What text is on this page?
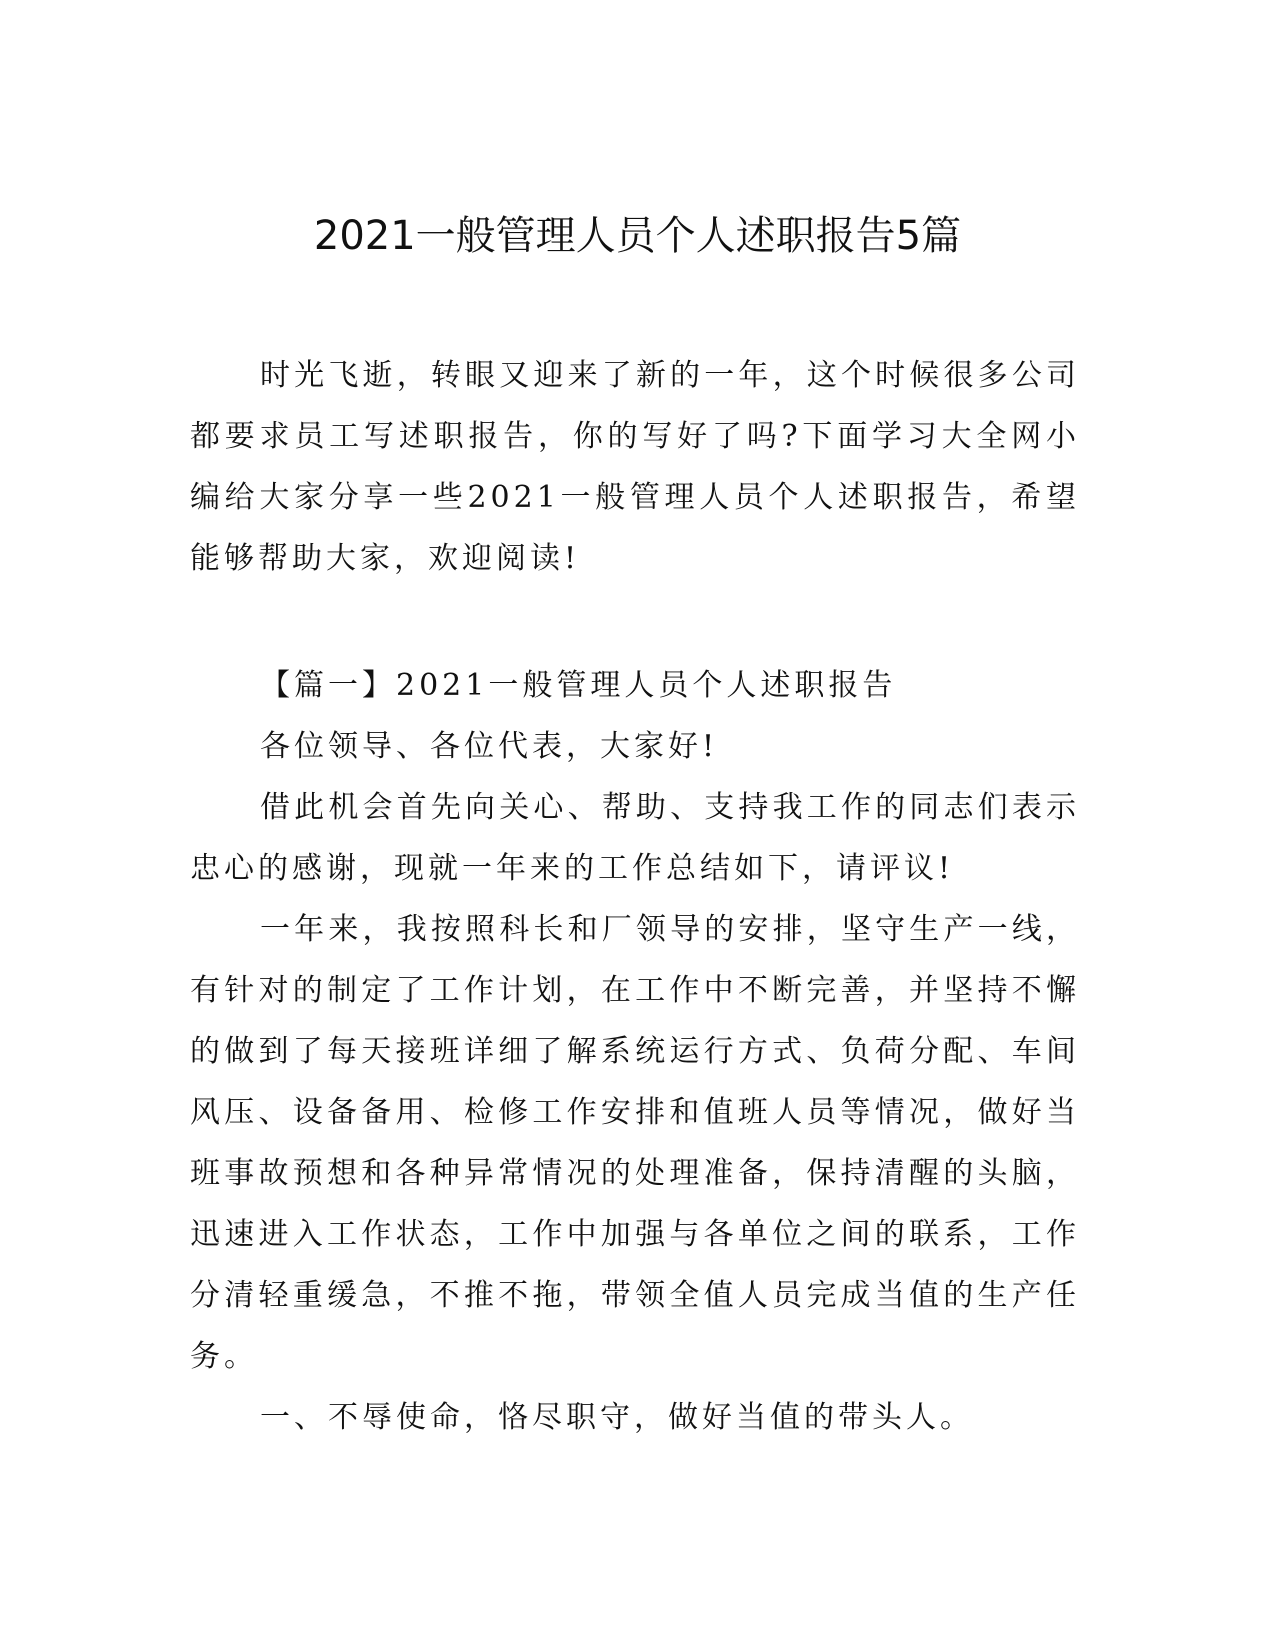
2021一般管理人员个人述职报告5篇

时光飞逝，转眼又迎来了新的一年，这个时候很多公司都要求员工写述职报告，你的写好了吗?下面学习大全网小编给大家分享一些2021一般管理人员个人述职报告，希望能够帮助大家，欢迎阅读!

【篇一】2021一般管理人员个人述职报告

各位领导、各位代表，大家好!

借此机会首先向关心、帮助、支持我工作的同志们表示忠心的感谢，现就一年来的工作总结如下，请评议!

一年来，我按照科长和厂领导的安排，坚守生产一线，有针对的制定了工作计划，在工作中不断完善，并坚持不懈的做到了每天接班详细了解系统运行方式、负荷分配、车间风压、设备备用、检修工作安排和值班人员等情况，做好当班事故预想和各种异常情况的处理准备，保持清醒的头脑，迅速进入工作状态，工作中加强与各单位之间的联系，工作分清轻重缓急，不推不拖，带领全值人员完成当值的生产任务。

一、不辱使命，恪尽职守，做好当值的带头人。
